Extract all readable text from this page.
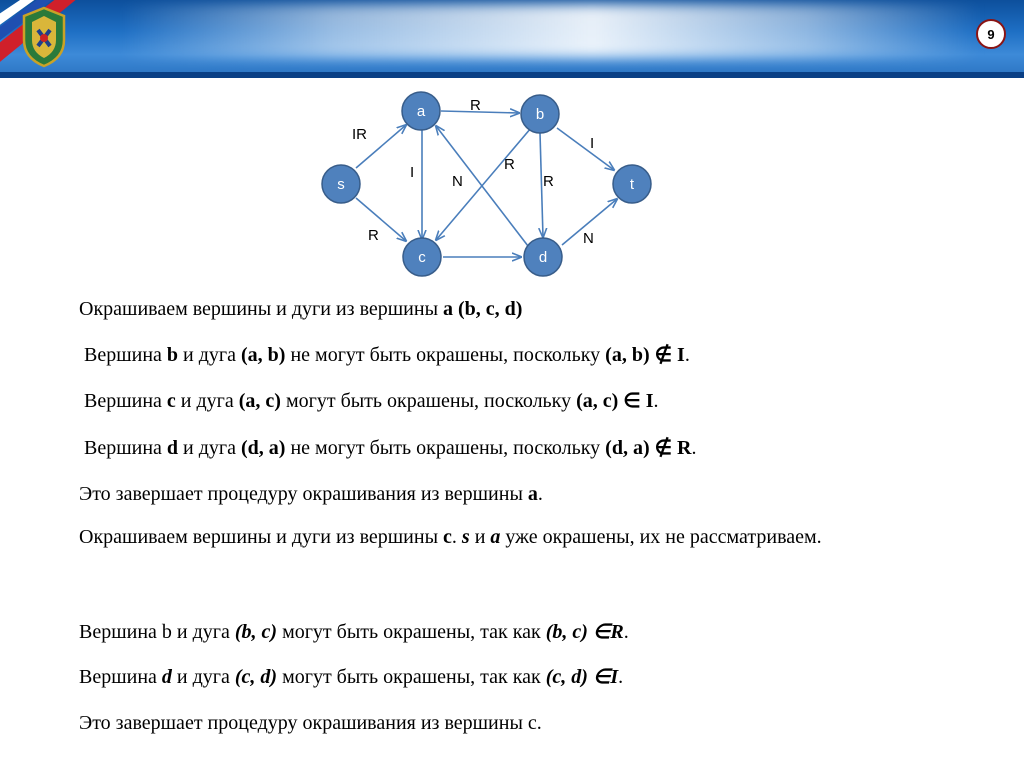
9
R
IR
I
I
N
R
R
R	N
a	b
s	t
c	d
Окрашиваем вершины и дуги из вершины a (b, c, d)
Вершина b и дуга (a, b) не могут быть окрашены, поскольку (a, b) ∉ I.
Вершина c и дуга (a, c) могут быть окрашены, поскольку (a, c) ∈ I.
Вершина d и дуга (d, a) не могут быть окрашены, поскольку (d, a) ∉ R.
Это завершает процедуру окрашивания из вершины a.
Окрашиваем вершины и дуги из вершины c. s и a уже окрашены, их не рассматриваем.
Вершина b и дуга (b, c) могут быть окрашены, так как (b, c) ∈R.
Вершина d и дуга (c, d) могут быть окрашены, так как (c, d) ∈I.
Это завершает процедуру окрашивания из вершины c.
